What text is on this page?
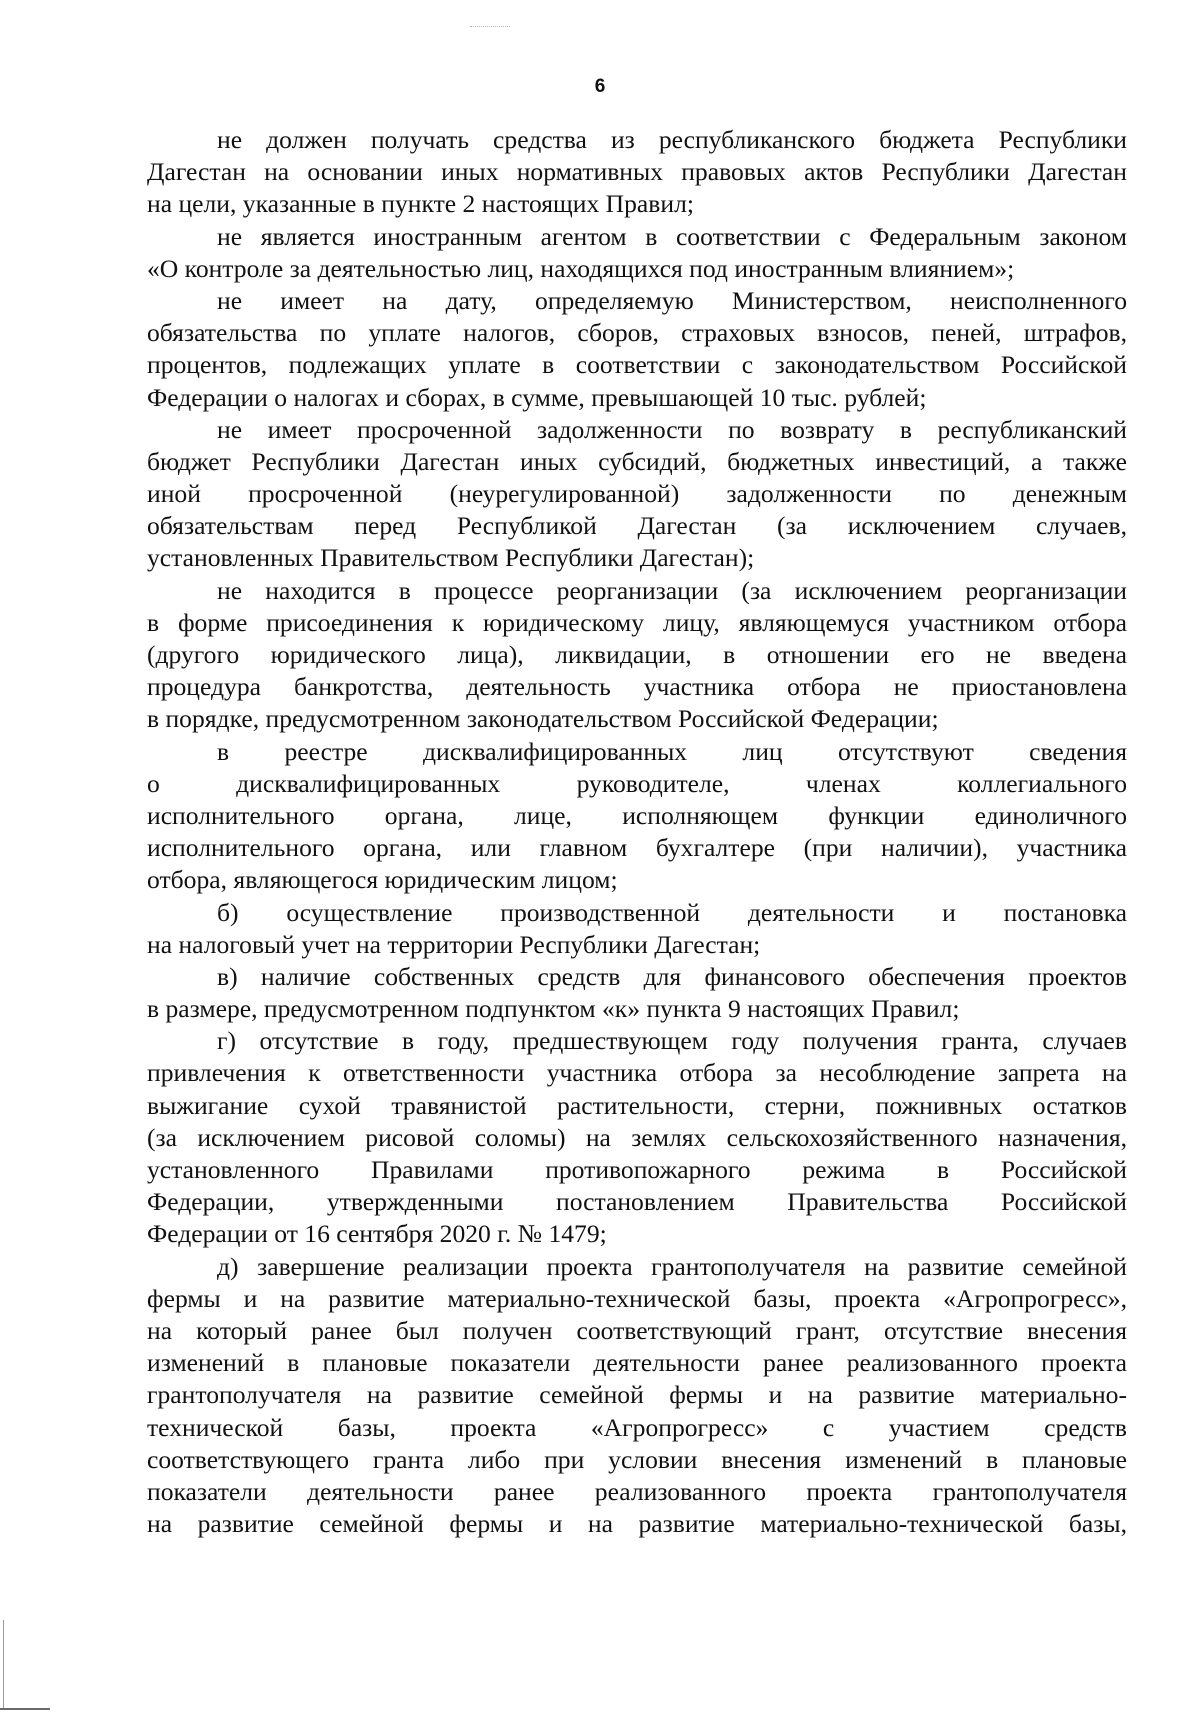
6
не должен получать средства из республиканского бюджета Республики
Дагестан на основании иных нормативных правовых актов Республики Дагестан
на цели, указанные в пункте 2 настоящих Правил;
не является иностранным агентом в соответствии с Федеральным законом
«О контроле за деятельностью лиц, находящихся под иностранным влиянием»;
не имеет на дату, определяемую Министерством, неисполненного
обязательства по уплате налогов, сборов, страховых взносов, пеней, штрафов,
процентов, подлежащих уплате в соответствии с законодательством Российской
Федерации о налогах и сборах, в сумме, превышающей 10 тыс. рублей;
не имеет просроченной задолженности по возврату в республиканский
бюджет Республики Дагестан иных субсидий, бюджетных инвестиций, а также
иной просроченной (неурегулированной) задолженности по денежным
обязательствам перед Республикой Дагестан (за исключением случаев,
установленных Правительством Республики Дагестан);
не находится в процессе реорганизации (за исключением реорганизации
в форме присоединения к юридическому лицу, являющемуся участником отбора
(другого юридического лица), ликвидации, в отношении его не введена
процедура банкротства, деятельность участника отбора не приостановлена
в порядке, предусмотренном законодательством Российской Федерации;
в реестре дисквалифицированных лиц отсутствуют сведения
о дисквалифицированных руководителе, членах коллегиального
исполнительного органа, лице, исполняющем функции единоличного
исполнительного органа, или главном бухгалтере (при наличии), участника
отбора, являющегося юридическим лицом;
б) осуществление производственной деятельности и постановка
на налоговый учет на территории Республики Дагестан;
в) наличие собственных средств для финансового обеспечения проектов
в размере, предусмотренном подпунктом «к» пункта 9 настоящих Правил;
г) отсутствие в году, предшествующем году получения гранта, случаев
привлечения к ответственности участника отбора за несоблюдение запрета на
выжигание сухой травянистой растительности, стерни, пожнивных остатков
(за исключением рисовой соломы) на землях сельскохозяйственного назначения,
установленного Правилами противопожарного режима в Российской
Федерации, утвержденными постановлением Правительства Российской
Федерации от 16 сентября 2020 г. № 1479;
д) завершение реализации проекта грантополучателя на развитие семейной
фермы и на развитие материально-технической базы, проекта «Агропрогресс»,
на который ранее был получен соответствующий грант, отсутствие внесения
изменений в плановые показатели деятельности ранее реализованного проекта
грантополучателя на развитие семейной фермы и на развитие материально-
технической базы, проекта «Агропрогресс» с участием средств
соответствующего гранта либо при условии внесения изменений в плановые
показатели деятельности ранее реализованного проекта грантополучателя
на развитие семейной фермы и на развитие материально-технической базы,
